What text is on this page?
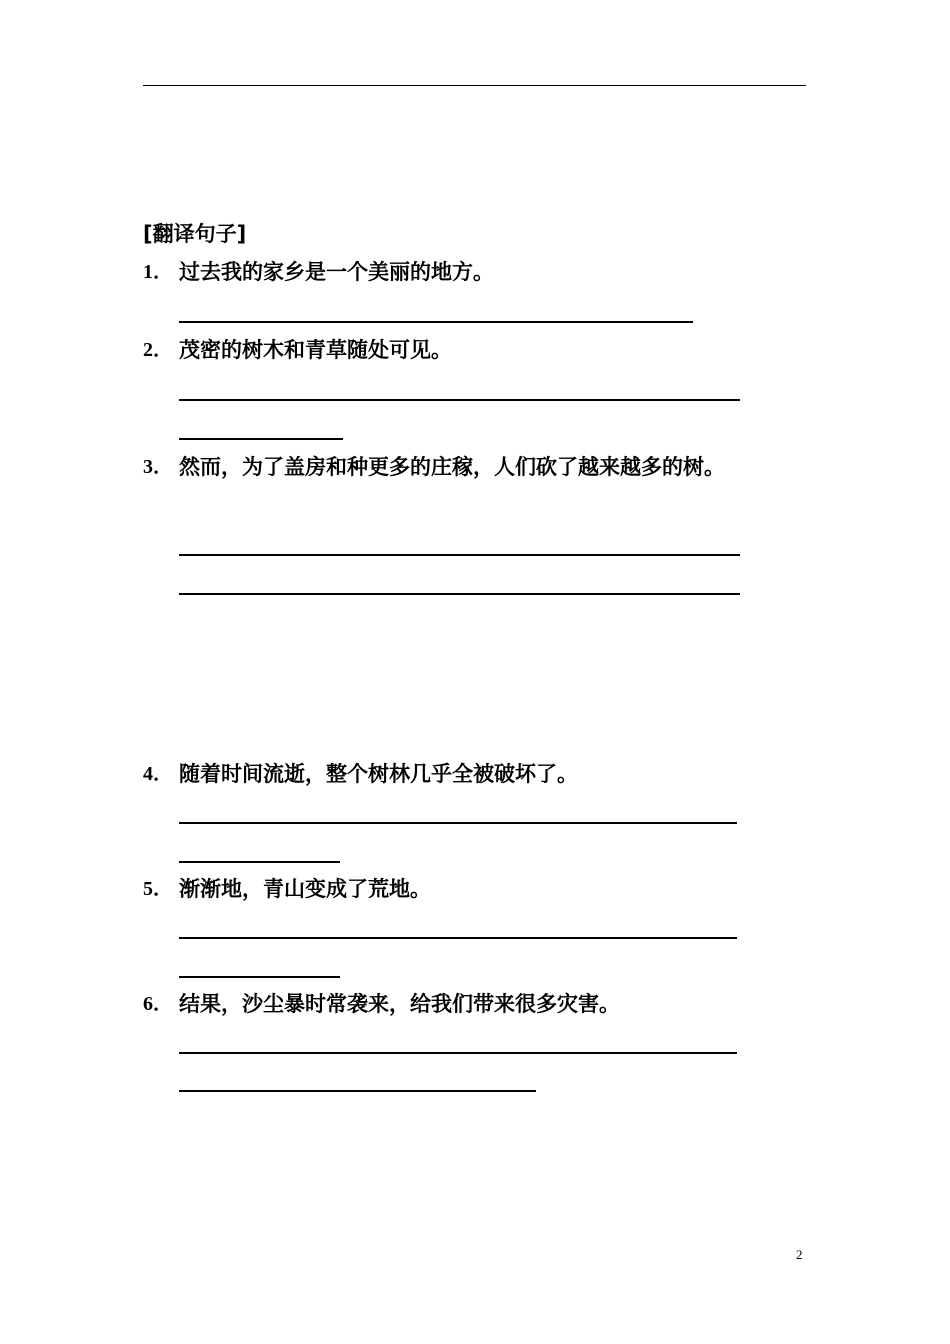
[翻译句子]
1． 过去我的家乡是一个美丽的地方。
2． 茂密的树木和青草随处可见。
3． 然而，为了盖房和种更多的庄稼，人们砍了越来越多的树。
4． 随着时间流逝，整个树林几乎全被破坏了。
5． 渐渐地，青山变成了荒地。
6． 结果，沙尘暴时常袭来，给我们带来很多灾害。
2
